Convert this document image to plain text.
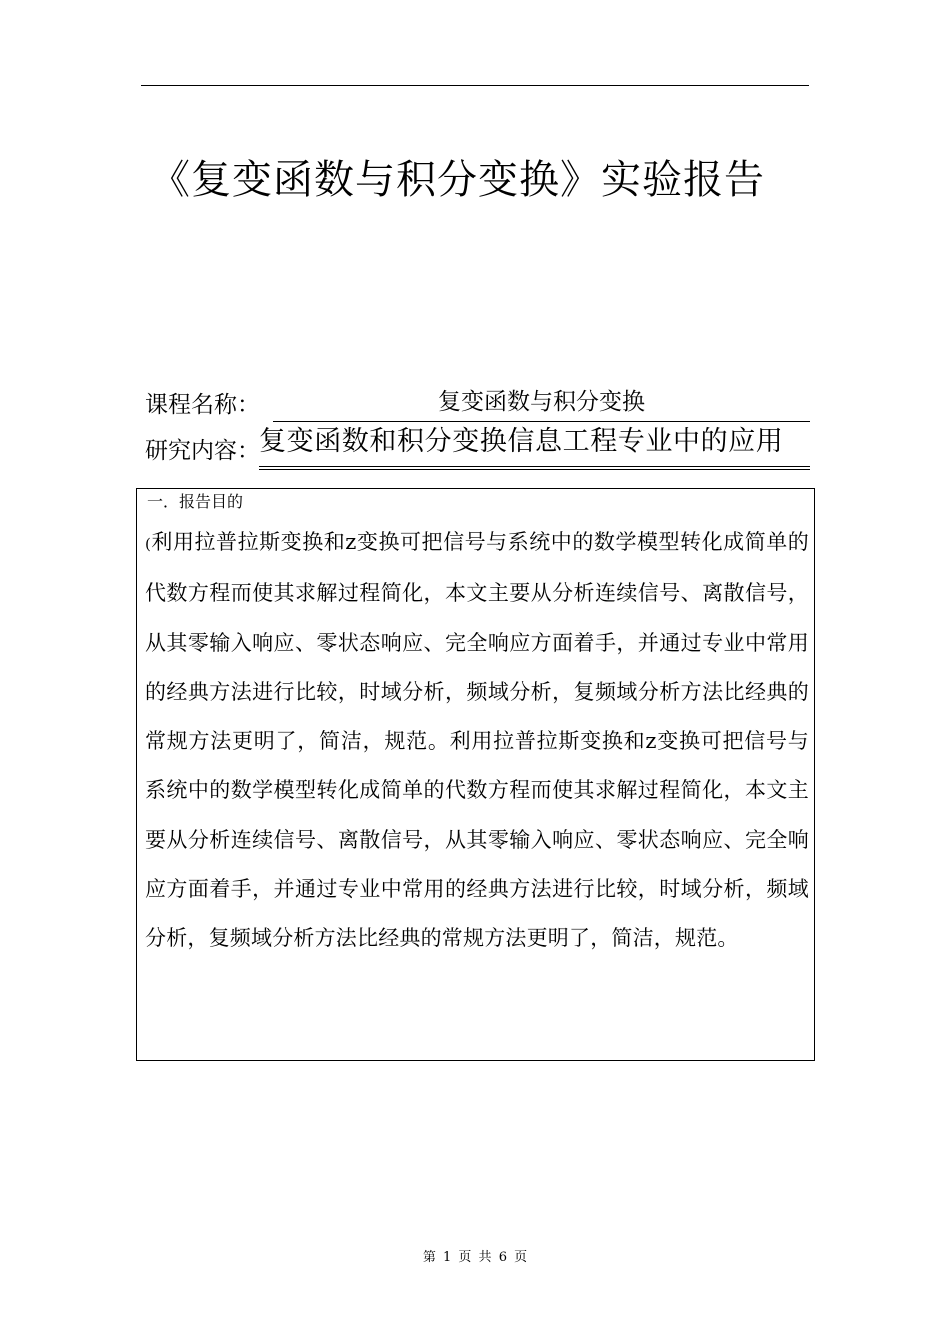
《复变函数与积分变换》实验报告
课程名称：	复变函数与积分变换
研究内容： 复变函数和积分变换信息工程专业中的应用
一．报告目的
(利用拉普拉斯变换和z变换可把信号与系统中的数学模型转化成简单的代数方程而使其求解过程简化，本文主要从分析连续信号、离散信号，从其零输入响应、零状态响应、完全响应方面着手，并通过专业中常用的经典方法进行比较，时域分析，频域分析，复频域分析方法比经典的常规方法更明了，简洁，规范。利用拉普拉斯变换和z变换可把信号与系统中的数学模型转化成简单的代数方程而使其求解过程简化，本文主要从分析连续信号、离散信号，从其零输入响应、零状态响应、完全响应方面着手，并通过专业中常用的经典方法进行比较，时域分析，频域分析，复频域分析方法比经典的常规方法更明了，简洁，规范。
第 1 页 共 6 页
